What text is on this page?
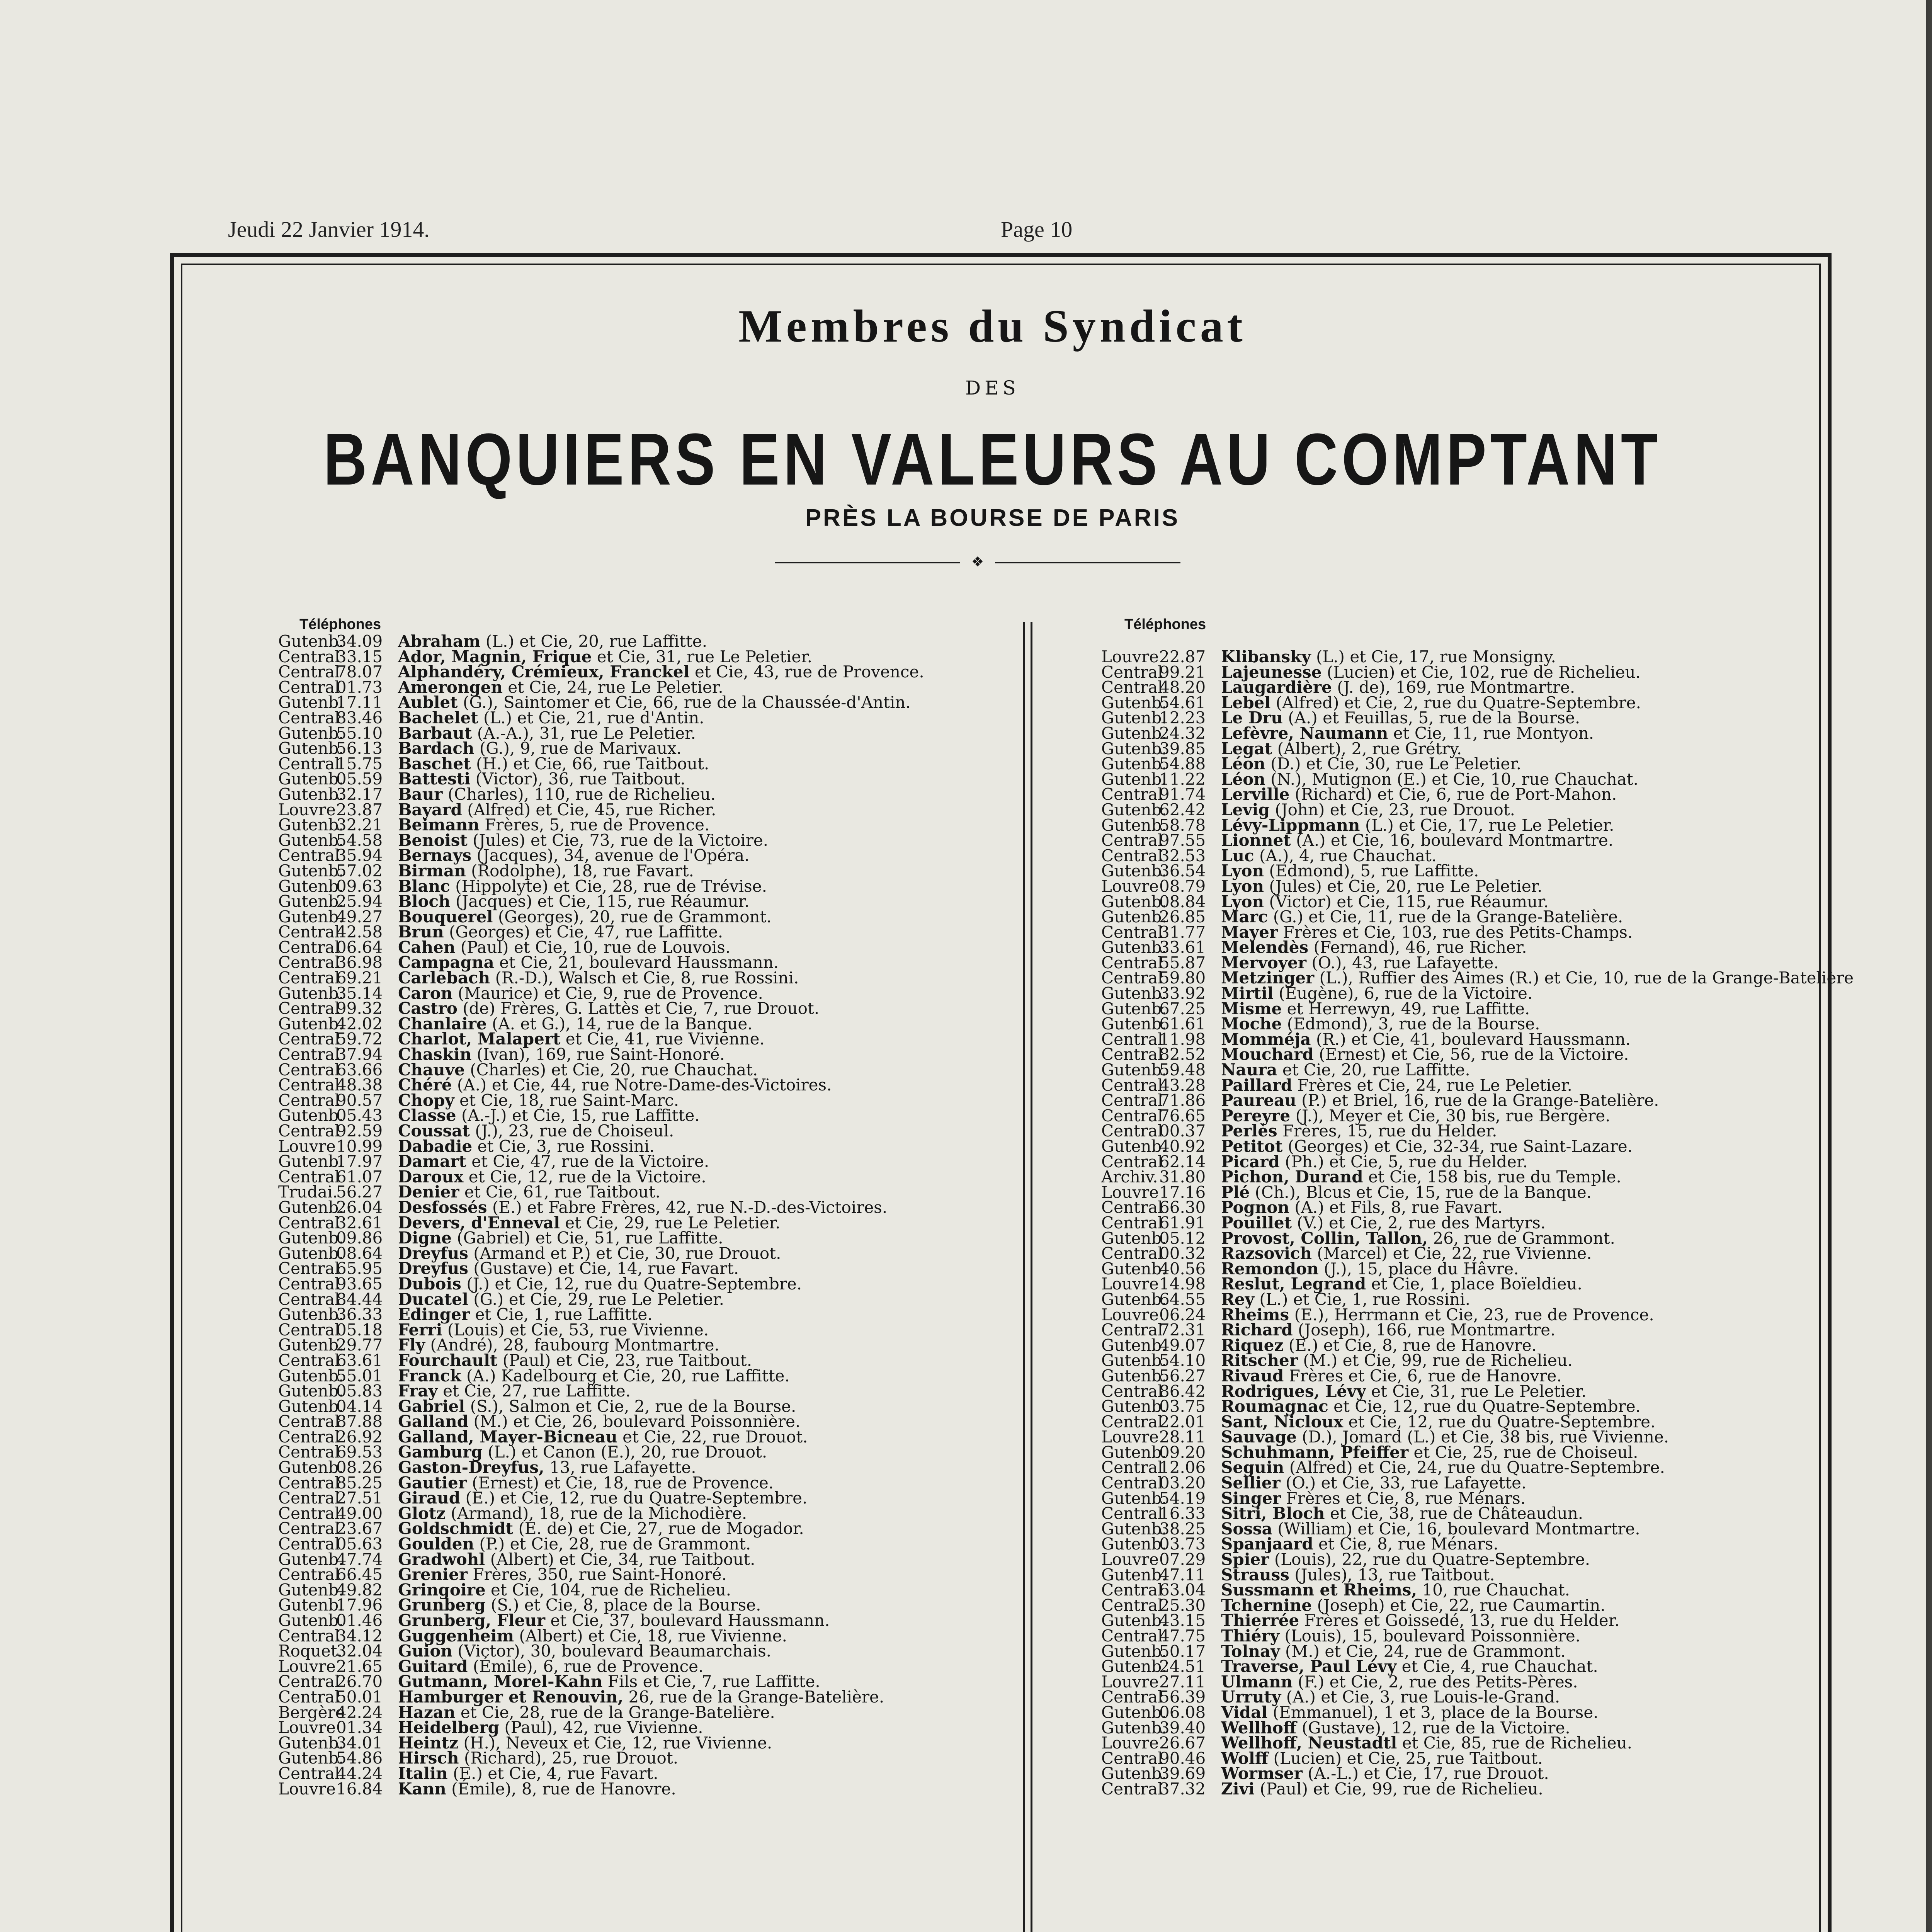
Jeudi 22 Janvier 1914.	Page 10
Membres du Syndicat
DES
BANQUIERS EN VALEURS AU COMPTANT
PRÈS LA BOURSE DE PARIS
❖
Téléphones
Gutenb.
34.09 Abraham
(L.) et Cie, 20, rue Laffitte.
Central
33.15 Ador, Magnin, Frique
et Cie, 31, rue Le Peletier.
Central
78.07 Alphandéry, Crémieux, Franckel
et Cie, 43, rue de Provence.
Central
01.73 Amerongen
et Cie, 24, rue Le Peletier.
Gutenb.
17.11 Aublet
(G.), Saintomer et Cie, 66, rue de la Chaussée-d'Antin.
Central
83.46 Bachelet
(L.) et Cie, 21, rue d'Antin.
Gutenb.
55.10 Barbaut
(A.-A.), 31, rue Le Peletier.
Gutenb.
56.13 Bardach
(G.), 9, rue de Marivaux.
Central
15.75 Baschet
(H.) et Cie, 66, rue Taitbout.
Gutenb.
05.59 Battesti
(Victor), 36, rue Taitbout.
Gutenb.
32.17 Baur
(Charles), 110, rue de Richelieu.
Louvre 23.87 Bayard
(Alfred) et Cie, 45, rue Richer.
Gutenb.
32.21 Beimann
Frères, 5, rue de Provence.
Gutenb.
54.58 Benoist
(Jules) et Cie, 73, rue de la Victoire.
Central
35.94 Bernays
(Jacques), 34, avenue de l'Opéra.
Gutenb.
57.02 Birman
(Rodolphe), 18, rue Favart.
Gutenb.
09.63 Blanc
(Hippolyte) et Cie, 28, rue de Trévise.
Gutenb.
25.94 Bloch
(Jacques) et Cie, 115, rue Réaumur.
Gutenb.
49.27 Bouquerel
(Georges), 20, rue de Grammont.
Central
42.58 Brun
(Georges) et Cie, 47, rue Laffitte.
Central
06.64 Cahen
(Paul) et Cie, 10, rue de Louvois.
Central
36.98 Campagna
et Cie, 21, boulevard Haussmann.
Central
69.21 Carlebach
(R.-D.), Walsch et Cie, 8, rue Rossini.
Gutenb.
35.14 Caron
(Maurice) et Cie, 9, rue de Provence.
Central
99.32 Castro
(de) Frères, G. Lattès et Cie, 7, rue Drouot.
Gutenb.
42.02 Chanlaire
(A. et G.), 14, rue de la Banque.
Central
59.72 Charlot, Malapert
et Cie, 41, rue Vivienne.
Central
37.94 Chaskin
(Ivan), 169, rue Saint-Honoré.
Central
63.66 Chauve
(Charles) et Cie, 20, rue Chauchat.
Central
48.38 Chéré
(A.) et Cie, 44, rue Notre-Dame-des-Victoires.
Central
90.57 Chopy
et Cie, 18, rue Saint-Marc.
Gutenb.
05.43 Classe
(A.-J.) et Cie, 15, rue Laffitte.
Central
92.59 Coussat
(J.), 23, rue de Choiseul.
Louvre 10.99 Dabadie
et Cie, 3, rue Rossini.
Gutenb.
17.97 Damart
et Cie, 47, rue de la Victoire.
Central
61.07 Daroux
et Cie, 12, rue de la Victoire.
Trudai.
56.27 Denier
et Cie, 61, rue Taitbout.
Gutenb.
26.04 Desfossés
(E.) et Fabre Frères, 42, rue N.-D.-des-Victoires.
Central
32.61 Devers, d'Enneval
et Cie, 29, rue Le Peletier.
Gutenb.
09.86 Digne
(Gabriel) et Cie, 51, rue Laffitte.
Gutenb.
08.64 Dreyfus
(Armand et P.) et Cie, 30, rue Drouot.
Central
65.95 Dreyfus
(Gustave) et Cie, 14, rue Favart.
Central
93.65 Dubois
(J.) et Cie, 12, rue du Quatre-Septembre.
Central
84.44 Ducatel
(G.) et Cie, 29, rue Le Peletier.
Gutenb.
36.33 Edinger
et Cie, 1, rue Laffitte.
Central
05.18 Ferri
(Louis) et Cie, 53, rue Vivienne.
Gutenb.
29.77 Fly
(André), 28, faubourg Montmartre.
Central
63.61 Fourchault
(Paul) et Cie, 23, rue Taitbout.
Gutenb.
55.01 Franck
(A.) Kadelbourg et Cie, 20, rue Laffitte.
Gutenb.
05.83 Fray
et Cie, 27, rue Laffitte.
Gutenb.
04.14 Gabriel
(S.), Salmon et Cie, 2, rue de la Bourse.
Central
87.88 Galland
(M.) et Cie, 26, boulevard Poissonnière.
Central
26.92 Galland, Mayer-Bicneau
et Cie, 22, rue Drouot.
Central
69.53 Gamburg
(L.) et Canon (E.), 20, rue Drouot.
Gutenb.
08.26 Gaston-Dreyfus,
13, rue Lafayette.
Central
85.25 Gautier
(Ernest) et Cie, 18, rue de Provence.
Central
27.51 Giraud
(E.) et Cie, 12, rue du Quatre-Septembre.
Central
49.00 Glotz
(Armand), 18, rue de la Michodière.
Central
23.67 Goldschmidt
(E. de) et Cie, 27, rue de Mogador.
Central
05.63 Goulden
(P.) et Cie, 28, rue de Grammont.
Gutenb.
47.74 Gradwohl
(Albert) et Cie, 34, rue Taitbout.
Central
66.45 Grenier
Frères, 350, rue Saint-Honoré.
Gutenb.
49.82 Gringoire
et Cie, 104, rue de Richelieu.
Gutenb.
17.96 Grunberg
(S.) et Cie, 8, place de la Bourse.
Gutenb.
01.46 Grunberg, Fleur
et Cie, 37, boulevard Haussmann.
Central
34.12 Guggenheim
(Albert) et Cie, 18, rue Vivienne.
Roquet.
32.04 Guion
(Victor), 30, boulevard Beaumarchais.
Louvre 21.65 Guitard
(Émile), 6, rue de Provence.
Central
26.70 Gutmann, Morel-Kahn
Fils et Cie, 7, rue Laffitte.
Central
50.01 Hamburger et Renouvin,
26, rue de la Grange-Batelière.
Bergère
42.24 Hazan
et Cie, 28, rue de la Grange-Batelière.
Louvre 01.34 Heidelberg
(Paul), 42, rue Vivienne.
Gutenb.
34.01 Heintz
(H.), Neveux et Cie, 12, rue Vivienne.
Gutenb.
54.86 Hirsch
(Richard), 25, rue Drouot.
Central
44.24 Italin
(E.) et Cie, 4, rue Favart.
Louvre 16.84 Kann
(Émile), 8, rue de Hanovre.
Téléphones
Louvre 22.87 Klibansky
(L.) et Cie, 17, rue Monsigny.
Central
99.21 Lajeunesse
(Lucien) et Cie, 102, rue de Richelieu.
Central
48.20 Laugardière
(J. de), 169, rue Montmartre.
Gutenb.
54.61 Lebel
(Alfred) et Cie, 2, rue du Quatre-Septembre.
Gutenb.
12.23 Le Dru
(A.) et Feuillas, 5, rue de la Bourse.
Gutenb.
24.32 Lefèvre, Naumann
et Cie, 11, rue Montyon.
Gutenb.
39.85 Legat
(Albert), 2, rue Grétry.
Gutenb.
54.88 Léon
(D.) et Cie, 30, rue Le Peletier.
Gutenb.
11.22 Léon
(N.), Mutignon (E.) et Cie, 10, rue Chauchat.
Central
91.74 Lerville
(Richard) et Cie, 6, rue de Port-Mahon.
Gutenb.
62.42 Levig
(John) et Cie, 23, rue Drouot.
Gutenb.
58.78 Lévy-Lippmann
(L.) et Cie, 17, rue Le Peletier.
Central
97.55 Lionnet
(A.) et Cie, 16, boulevard Montmartre.
Central
32.53 Luc
(A.), 4, rue Chauchat.
Gutenb.
36.54 Lyon
(Edmond), 5, rue Laffitte.
Louvre 08.79 Lyon
(Jules) et Cie, 20, rue Le Peletier.
Gutenb.
08.84 Lyon
(Victor) et Cie, 115, rue Réaumur.
Gutenb.
26.85 Marc
(G.) et Cie, 11, rue de la Grange-Batelière.
Central
31.77 Mayer
Frères et Cie, 103, rue des Petits-Champs.
Gutenb.
33.61 Melendès
(Fernand), 46, rue Richer.
Central
55.87 Mervoyer
(O.), 43, rue Lafayette.
Central
59.80 Metzinger
(L.), Ruffier des Aimes (R.) et Cie, 10, rue de la Grange-Batelière
Gutenb.
33.92 Mirtil
(Eugène), 6, rue de la Victoire.
Gutenb.
67.25 Misme
et Herrewyn, 49, rue Laffitte.
Gutenb.
61.61 Moche
(Edmond), 3, rue de la Bourse.
Central
11.98 Momméja
(R.) et Cie, 41, boulevard Haussmann.
Central
82.52 Mouchard
(Ernest) et Cie, 56, rue de la Victoire.
Gutenb.
59.48 Naura
et Cie, 20, rue Laffitte.
Central
43.28 Paillard
Frères et Cie, 24, rue Le Peletier.
Central
71.86 Paureau
(P.) et Briel, 16, rue de la Grange-Batelière.
Central
76.65 Pereyre
(J.), Meyer et Cie, 30 bis, rue Bergère.
Central
00.37 Perlès
Frères, 15, rue du Helder.
Gutenb.
40.92 Petitot
(Georges) et Cie, 32-34, rue Saint-Lazare.
Central
62.14 Picard
(Ph.) et Cie, 5, rue du Helder.
Archiv. 31.80 Pichon, Durand
et Cie, 158 bis, rue du Temple.
Louvre 17.16 Plé
(Ch.), Blcus et Cie, 15, rue de la Banque.
Central
66.30 Pognon
(A.) et Fils, 8, rue Favart.
Central
61.91 Pouillet
(V.) et Cie, 2, rue des Martyrs.
Gutenb.
05.12 Provost, Collin, Tallon,
26, rue de Grammont.
Central
00.32 Razsovich
(Marcel) et Cie, 22, rue Vivienne.
Gutenb.
40.56 Remondon
(J.), 15, place du Hâvre.
Louvre 14.98 Reslut, Legrand
et Cie, 1, place Boïeldieu.
Gutenb.
64.55 Rey
(L.) et Cie, 1, rue Rossini.
Louvre 06.24 Rheims
(E.), Herrmann et Cie, 23, rue de Provence.
Central
72.31 Richard
(Joseph), 166, rue Montmartre.
Gutenb.
49.07 Riquez
(E.) et Cie, 8, rue de Hanovre.
Gutenb.
54.10 Ritscher
(M.) et Cie, 99, rue de Richelieu.
Gutenb.
56.27 Rivaud
Frères et Cie, 6, rue de Hanovre.
Central
86.42 Rodrigues, Lévy
et Cie, 31, rue Le Peletier.
Gutenb.
03.75 Roumagnac
et Cie, 12, rue du Quatre-Septembre.
Central
22.01 Sant, Nicloux
et Cie, 12, rue du Quatre-Septembre.
Louvre 28.11 Sauvage
(D.), Jomard (L.) et Cie, 38 bis, rue Vivienne.
Gutenb.
09.20 Schuhmann, Pfeiffer
et Cie, 25, rue de Choiseul.
Central
12.06 Seguin
(Alfred) et Cie, 24, rue du Quatre-Septembre.
Central
03.20 Sellier
(O.) et Cie, 33, rue Lafayette.
Gutenb.
54.19 Singer
Frères et Cie, 8, rue Ménars.
Central
16.33 Sitri, Bloch
et Cie, 38, rue de Châteaudun.
Gutenb.
38.25 Sossa
(William) et Cie, 16, boulevard Montmartre.
Gutenb.
03.73 Spanjaard
et Cie, 8, rue Ménars.
Louvre 07.29 Spier
(Louis), 22, rue du Quatre-Septembre.
Gutenb.
47.11 Strauss
(Jules), 13, rue Taitbout.
Central
63.04 Sussmann et Rheims,
10, rue Chauchat.
Central
25.30 Tchernine
(Joseph) et Cie, 22, rue Caumartin.
Gutenb.
43.15 Thierrée
Frères et Goissedé, 13, rue du Helder.
Central
47.75 Thiéry
(Louis), 15, boulevard Poissonnière.
Gutenb.
50.17 Tolnay
(M.) et Cie, 24, rue de Grammont.
Gutenb.
24.51 Traverse, Paul Lévy
et Cie, 4, rue Chauchat.
Louvre 27.11 Ulmann
(F.) et Cie, 2, rue des Petits-Pères.
Central
56.39 Urruty
(A.) et Cie, 3, rue Louis-le-Grand.
Gutenb.
06.08 Vidal
(Emmanuel), 1 et 3, place de la Bourse.
Gutenb.
39.40 Wellhoff
(Gustave), 12, rue de la Victoire.
Louvre 26.67 Wellhoff, Neustadtl
et Cie, 85, rue de Richelieu.
Central
90.46 Wolff
(Lucien) et Cie, 25, rue Taitbout.
Gutenb.
39.69 Wormser
(A.-L.) et Cie, 17, rue Drouot.
Central
37.32 Zivi
(Paul) et Cie, 99, rue de Richelieu.
